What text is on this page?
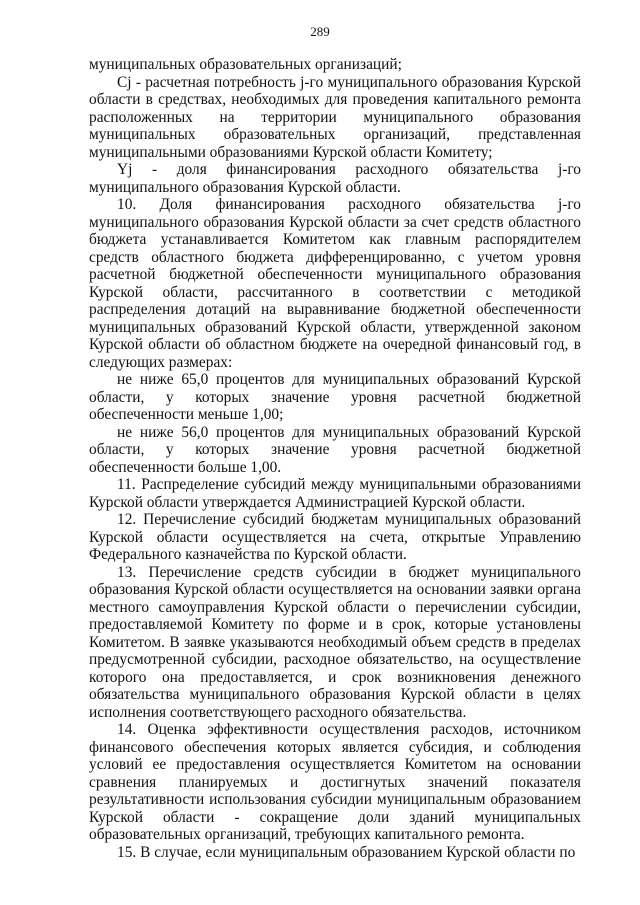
289

муниципальных образовательных организаций;

Cj - расчетная потребность j-го муниципального образования Курской области в средствах, необходимых для проведения капитального ремонта расположенных на территории муниципального образования муниципальных образовательных организаций, представленная муниципальными образованиями Курской области Комитету;

Yj - доля финансирования расходного обязательства j-го муниципального образования Курской области.

10. Доля финансирования расходного обязательства j-го муниципального образования Курской области за счет средств областного бюджета устанавливается Комитетом как главным распорядителем средств областного бюджета дифференцированно, с учетом уровня расчетной бюджетной обеспеченности муниципального образования Курской области, рассчитанного в соответствии с методикой распределения дотаций на выравнивание бюджетной обеспеченности муниципальных образований Курской области, утвержденной законом Курской области об областном бюджете на очередной финансовый год, в следующих размерах:

не ниже 65,0 процентов для муниципальных образований Курской области, у которых значение уровня расчетной бюджетной обеспеченности меньше 1,00;

не ниже 56,0 процентов для муниципальных образований Курской области, у которых значение уровня расчетной бюджетной обеспеченности больше 1,00.

11. Распределение субсидий между муниципальными образованиями Курской области утверждается Администрацией Курской области.

12. Перечисление субсидий бюджетам муниципальных образований Курской области осуществляется на счета, открытые Управлению Федерального казначейства по Курской области.

13. Перечисление средств субсидии в бюджет муниципального образования Курской области осуществляется на основании заявки органа местного самоуправления Курской области о перечислении субсидии, предоставляемой Комитету по форме и в срок, которые установлены Комитетом. В заявке указываются необходимый объем средств в пределах предусмотренной субсидии, расходное обязательство, на осуществление которого она предоставляется, и срок возникновения денежного обязательства муниципального образования Курской области в целях исполнения соответствующего расходного обязательства.

14. Оценка эффективности осуществления расходов, источником финансового обеспечения которых является субсидия, и соблюдения условий ее предоставления осуществляется Комитетом на основании сравнения планируемых и достигнутых значений показателя результативности использования субсидии муниципальным образованием Курской области - сокращение доли зданий муниципальных образовательных организаций, требующих капитального ремонта.

15. В случае, если муниципальным образованием Курской области по
